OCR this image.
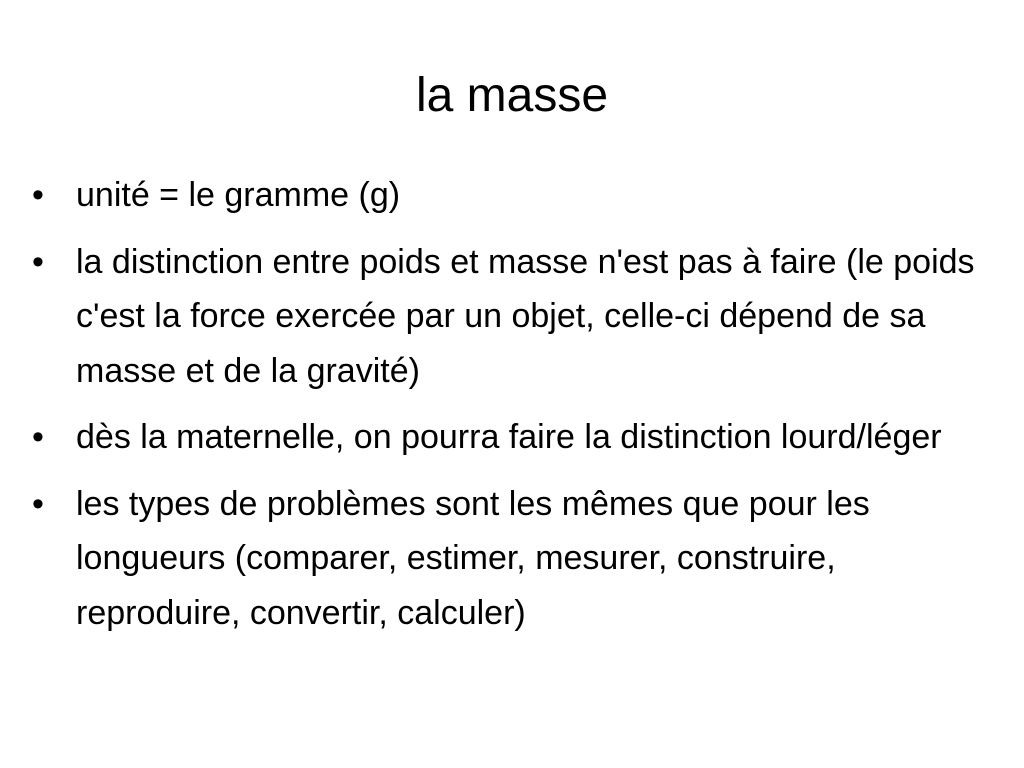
la masse
• unité = le gramme (g)
• la distinction entre poids et masse n'est pas à faire (le poids c'est la force exercée par un objet, celle-ci dépend de sa masse et de la gravité)
• dès la maternelle, on pourra faire la distinction lourd/léger
• les types de problèmes sont les mêmes que pour les longueurs (comparer, estimer, mesurer, construire, reproduire, convertir, calculer)
